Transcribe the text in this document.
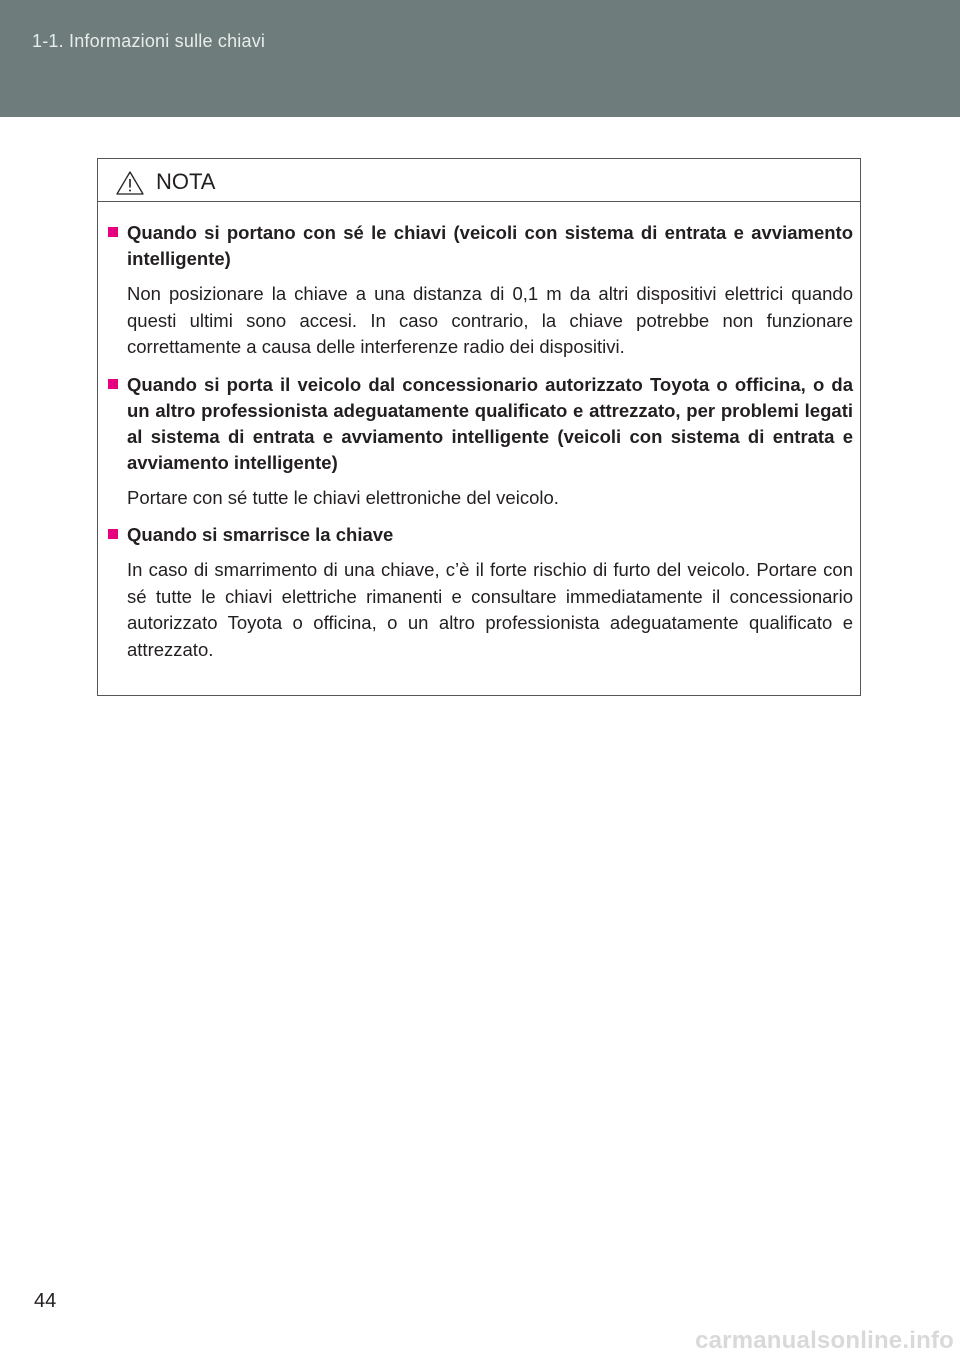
1-1. Informazioni sulle chiavi
NOTA
Quando si portano con sé le chiavi (veicoli con sistema di entrata e avviamento intelligente)
Non posizionare la chiave a una distanza di 0,1 m da altri dispositivi elettrici quando questi ultimi sono accesi. In caso contrario, la chiave potrebbe non funzionare correttamente a causa delle interferenze radio dei dispositivi.
Quando si porta il veicolo dal concessionario autorizzato Toyota o officina, o da un altro professionista adeguatamente qualificato e attrezzato, per problemi legati al sistema di entrata e avviamento intelligente (veicoli con sistema di entrata e avviamento intelligente)
Portare con sé tutte le chiavi elettroniche del veicolo.
Quando si smarrisce la chiave
In caso di smarrimento di una chiave, c’è il forte rischio di furto del veicolo. Portare con sé tutte le chiavi elettriche rimanenti e consultare immediatamente il concessionario autorizzato Toyota o officina, o un altro professionista adeguatamente qualificato e attrezzato.
44
carmanualsonline.info
